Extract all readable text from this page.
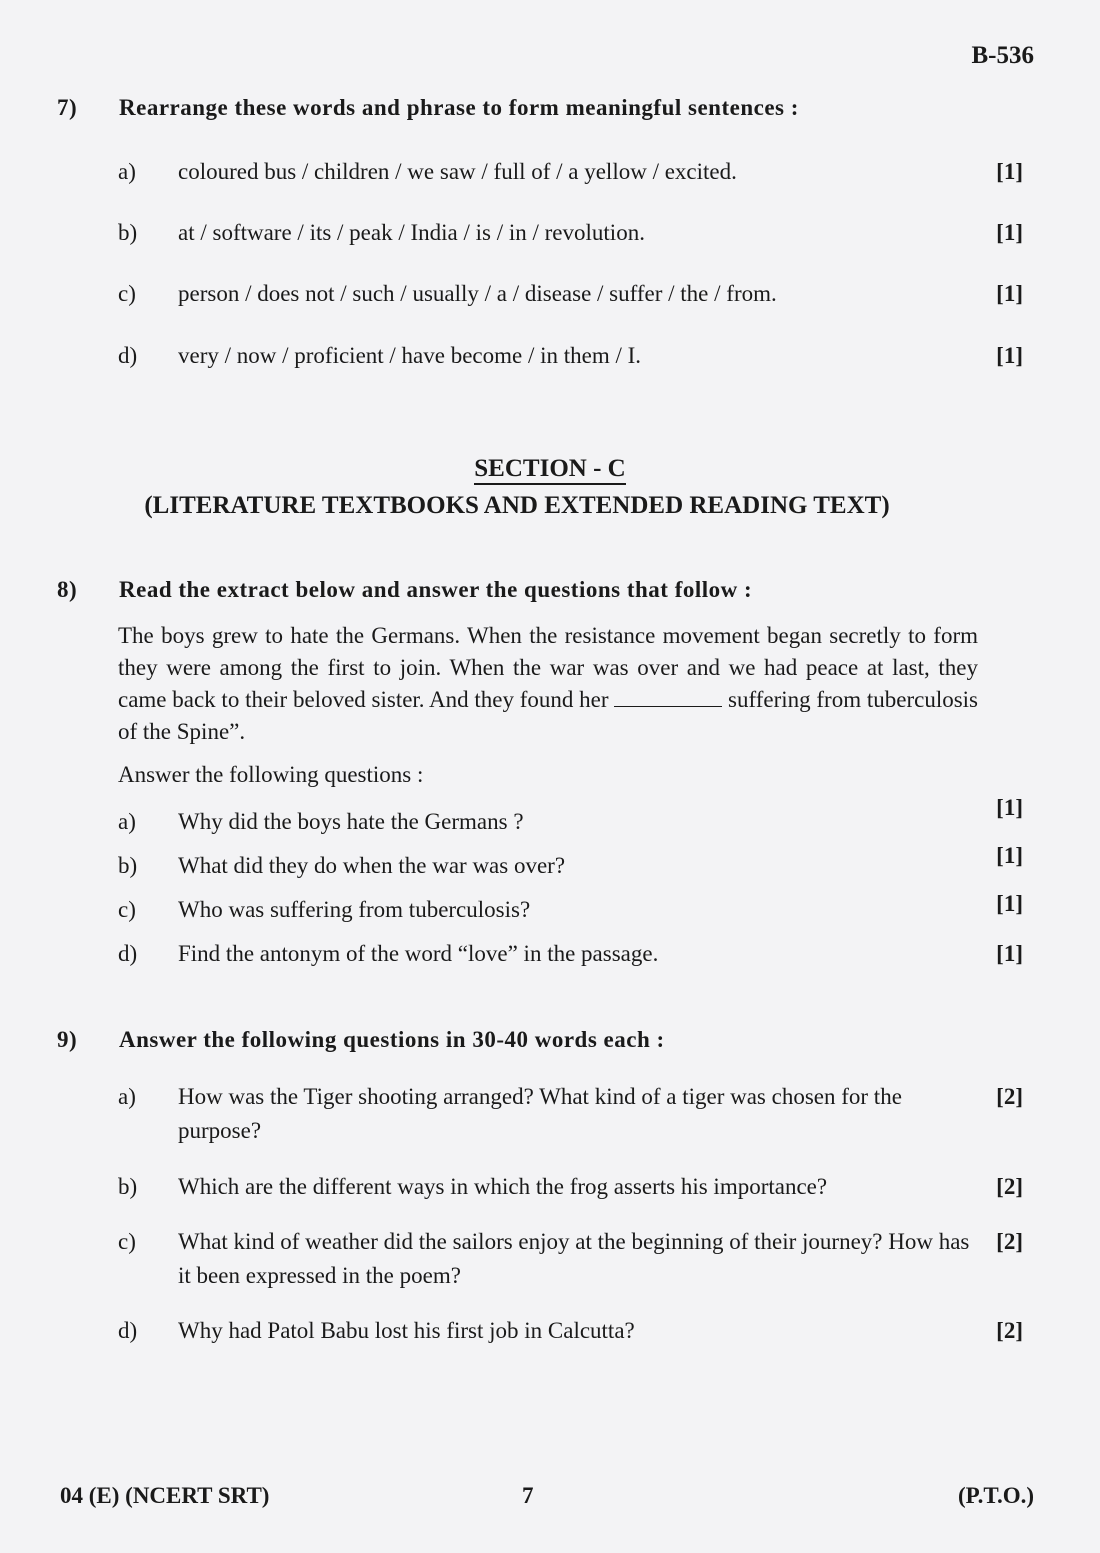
B-536
7) Rearrange these words and phrase to form meaningful sentences :
a) coloured bus / children / we saw / full of / a yellow / excited.	[1]
b) at / software / its / peak / India / is / in / revolution.	[1]
c) person / does not / such / usually / a / disease / suffer / the / from.	[1]
d) very / now / proficient / have become / in them / I.	[1]
SECTION - C
(LITERATURE TEXTBOOKS AND EXTENDED READING TEXT)
8) Read the extract below and answer the questions that follow :
The boys grew to hate the Germans. When the resistance movement began secretly to form they were among the first to join. When the war was over and we had peace at last, they came back to their beloved sister. And they found her	suffering from tuberculosis of the Spine”.
Answer the following questions :
a) Why did the boys hate the Germans ?
[1]
b) What did they do when the war was over?	[1]
c) Who was suffering from tuberculosis?	[1]
d) Find the antonym of the word “love” in the passage.	[1]
9) Answer the following questions in 30-40 words each :
a) How was the Tiger shooting arranged? What kind of a tiger was chosen for the purpose?
[2]
b) Which are the different ways in which the frog asserts his importance?	[2]
c) What kind of weather did the sailors enjoy at the beginning of their journey? How has it been expressed in the poem?
[2]
d) Why had Patol Babu lost his first job in Calcutta?	[2]
04 (E) (NCERT SRT)	7	(P.T.O.)
